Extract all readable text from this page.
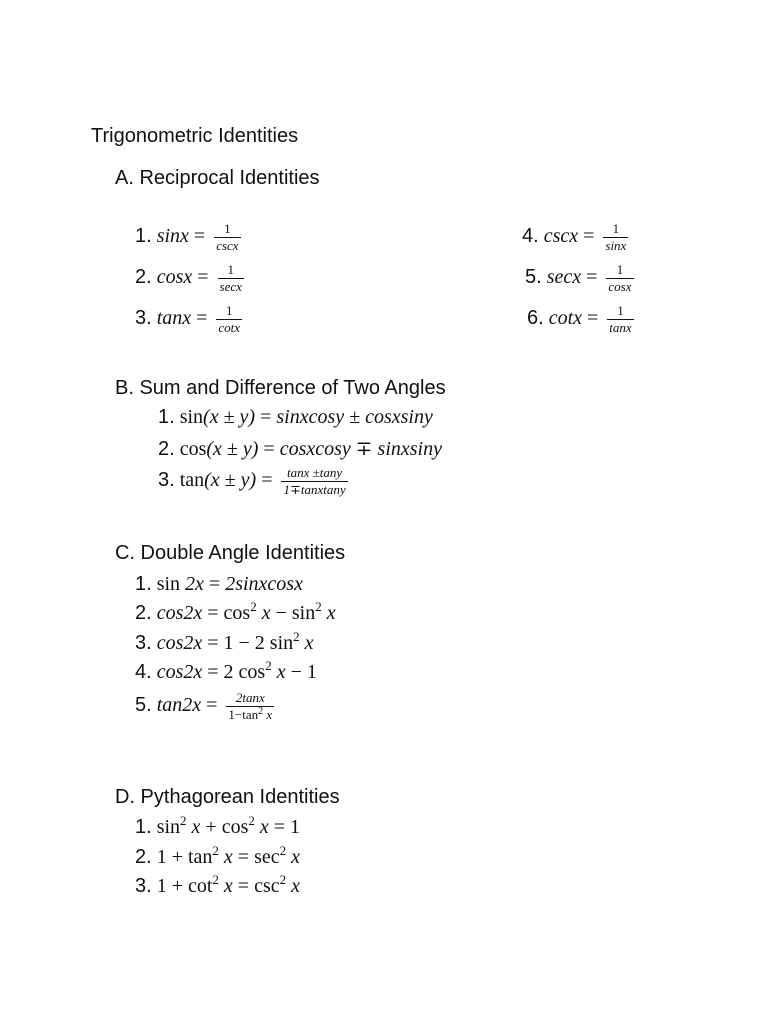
Trigonometric Identities
A. Reciprocal Identities
1. $\sin x = \frac{1}{\csc x}$
2. $\cos x = \frac{1}{\sec x}$
3. $\tan x = \frac{1}{\cot x}$
4. $\csc x = \frac{1}{\sin x}$
5. $\sec x = \frac{1}{\cos x}$
6. $\cot x = \frac{1}{\tan x}$
B. Sum and Difference of Two Angles
1. sin(x ± y) = sinxcosy ± cosxsiny
2. cos(x ± y) = cosxcosy ∓ sinxsiny
3. $\tan(x \pm y) = \frac{\tan x \pm\tan y}{\text{1∓tanxtany}}$
C. Double Angle Identities
1. sin 2x = 2sinxcosx
2. $\cos 2x = \cos^2 x - \sin^2 x$
3. cos2x = 1 − 2 $\sin^2 x$
4. cos2x = 2 $\cos^2 x - 1$
5. $\tan 2x = \frac{2\tan x}{1-\tan^2 x}$
D. Pythagorean Identities
1. $\sin^2 x + \cos^2 x = 1$
2. $1 + \tan^2 x = \sec^2 x$
3. $1 + \cot^2 x = \csc^2 x$
